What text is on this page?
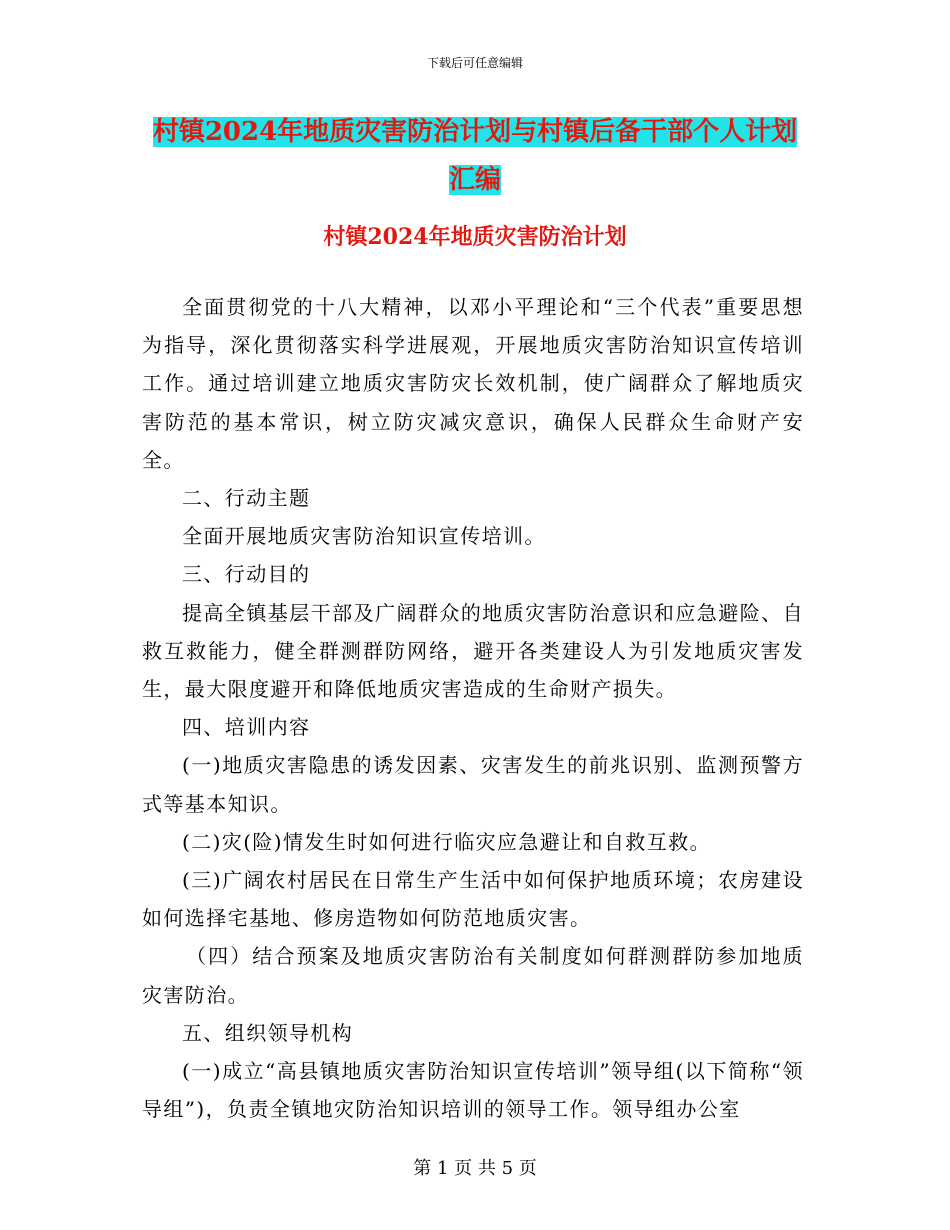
下载后可任意编辑
村镇2024年地质灾害防治计划与村镇后备干部个人计划汇编
村镇2024年地质灾害防治计划

全面贯彻党的十八大精神，以邓小平理论和“三个代表”重要思想为指导，深化贯彻落实科学进展观，开展地质灾害防治知识宣传培训工作。通过培训建立地质灾害防灾长效机制，使广阔群众了解地质灾害防范的基本常识，树立防灾减灾意识，确保人民群众生命财产安全。

二、行动主题

全面开展地质灾害防治知识宣传培训。

三、行动目的

提高全镇基层干部及广阔群众的地质灾害防治意识和应急避险、自救互救能力，健全群测群防网络，避开各类建设人为引发地质灾害发生，最大限度避开和降低地质灾害造成的生命财产损失。

四、培训内容

(一)地质灾害隐患的诱发因素、灾害发生的前兆识别、监测预警方式等基本知识。

(二)灾(险)情发生时如何进行临灾应急避让和自救互救。

(三)广阔农村居民在日常生产生活中如何保护地质环境；农房建设如何选择宅基地、修房造物如何防范地质灾害。

（四）结合预案及地质灾害防治有关制度如何群测群防参加地质灾害防治。

五、组织领导机构

(一)成立“高县镇地质灾害防治知识宣传培训”领导组(以下简称“领导组”)，负责全镇地灾防治知识培训的领导工作。领导组办公室

第 1 页 共 5 页
